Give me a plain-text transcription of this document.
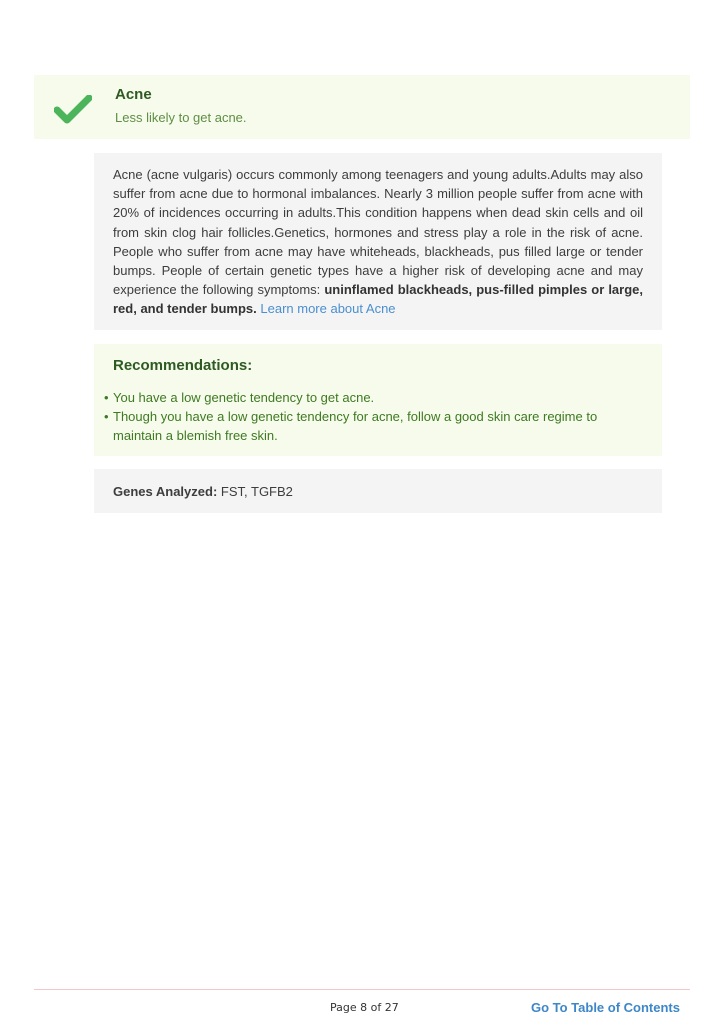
Acne
Less likely to get acne.
Acne (acne vulgaris) occurs commonly among teenagers and young adults.Adults may also suffer from acne due to hormonal imbalances. Nearly 3 million people suffer from acne with 20% of incidences occurring in adults.This condition happens when dead skin cells and oil from skin clog hair follicles.Genetics, hormones and stress play a role in the risk of acne. People who suffer from acne may have whiteheads, blackheads, pus filled large or tender bumps. People of certain genetic types have a higher risk of developing acne and may experience the following symptoms: uninflamed blackheads, pus-filled pimples or large, red, and tender bumps. Learn more about Acne
Recommendations:
• You have a low genetic tendency to get acne.
• Though you have a low genetic tendency for acne, follow a good skin care regime to maintain a blemish free skin.
Genes Analyzed: FST, TGFB2
Page 8 of 27	Go To Table of Contents
